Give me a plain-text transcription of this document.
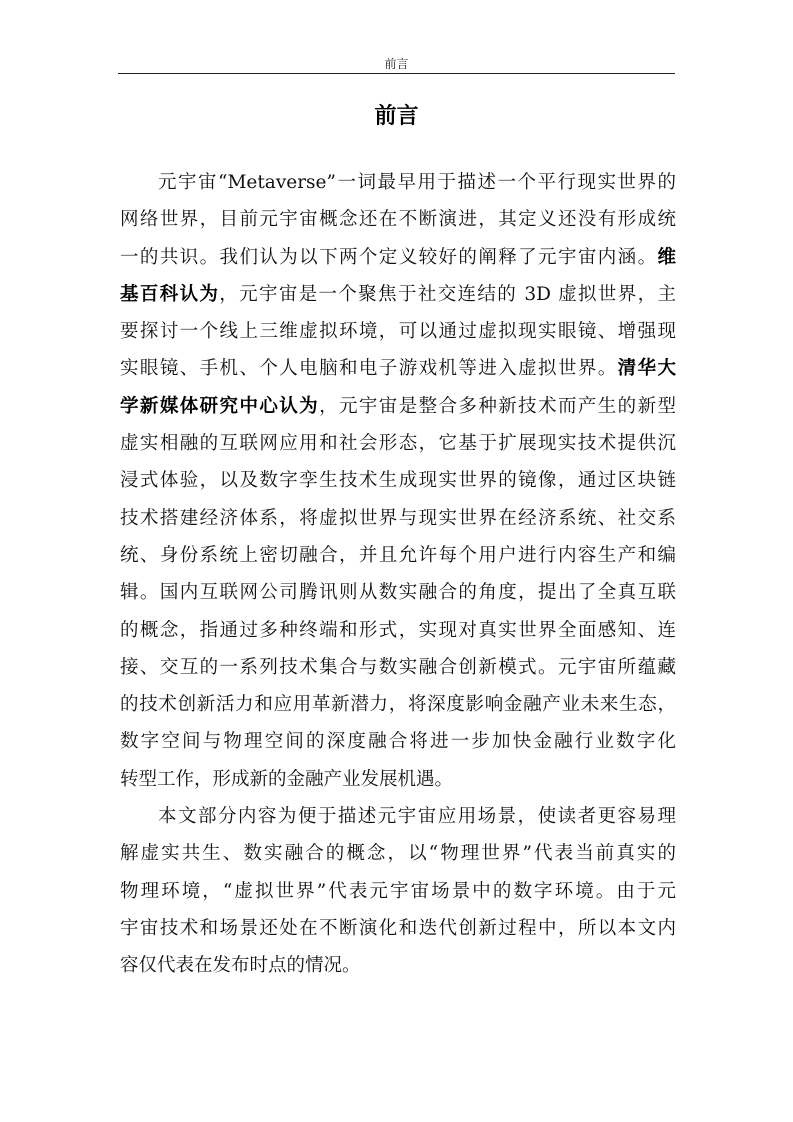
前言
前言
元宇宙“Metaverse”一词最早用于描述一个平行现实世界的
网络世界，目前元宇宙概念还在不断演进，其定义还没有形成统
一的共识。我们认为以下两个定义较好的阐释了元宇宙内涵。维
基百科认为，元宇宙是一个聚焦于社交连结的 3D 虚拟世界，主
要探讨一个线上三维虚拟环境，可以通过虚拟现实眼镜、增强现
实眼镜、手机、个人电脑和电子游戏机等进入虚拟世界。清华大
学新媒体研究中心认为，元宇宙是整合多种新技术而产生的新型
虚实相融的互联网应用和社会形态，它基于扩展现实技术提供沉
浸式体验，以及数字孪生技术生成现实世界的镜像，通过区块链
技术搭建经济体系，将虚拟世界与现实世界在经济系统、社交系
统、身份系统上密切融合，并且允许每个用户进行内容生产和编
辑。国内互联网公司腾讯则从数实融合的角度，提出了全真互联
的概念，指通过多种终端和形式，实现对真实世界全面感知、连
接、交互的一系列技术集合与数实融合创新模式。元宇宙所蕴藏
的技术创新活力和应用革新潜力，将深度影响金融产业未来生态，
数字空间与物理空间的深度融合将进一步加快金融行业数字化
转型工作，形成新的金融产业发展机遇。
本文部分内容为便于描述元宇宙应用场景，使读者更容易理
解虚实共生、数实融合的概念，以“物理世界”代表当前真实的
物理环境，“虚拟世界”代表元宇宙场景中的数字环境。由于元
宇宙技术和场景还处在不断演化和迭代创新过程中，所以本文内
容仅代表在发布时点的情况。
